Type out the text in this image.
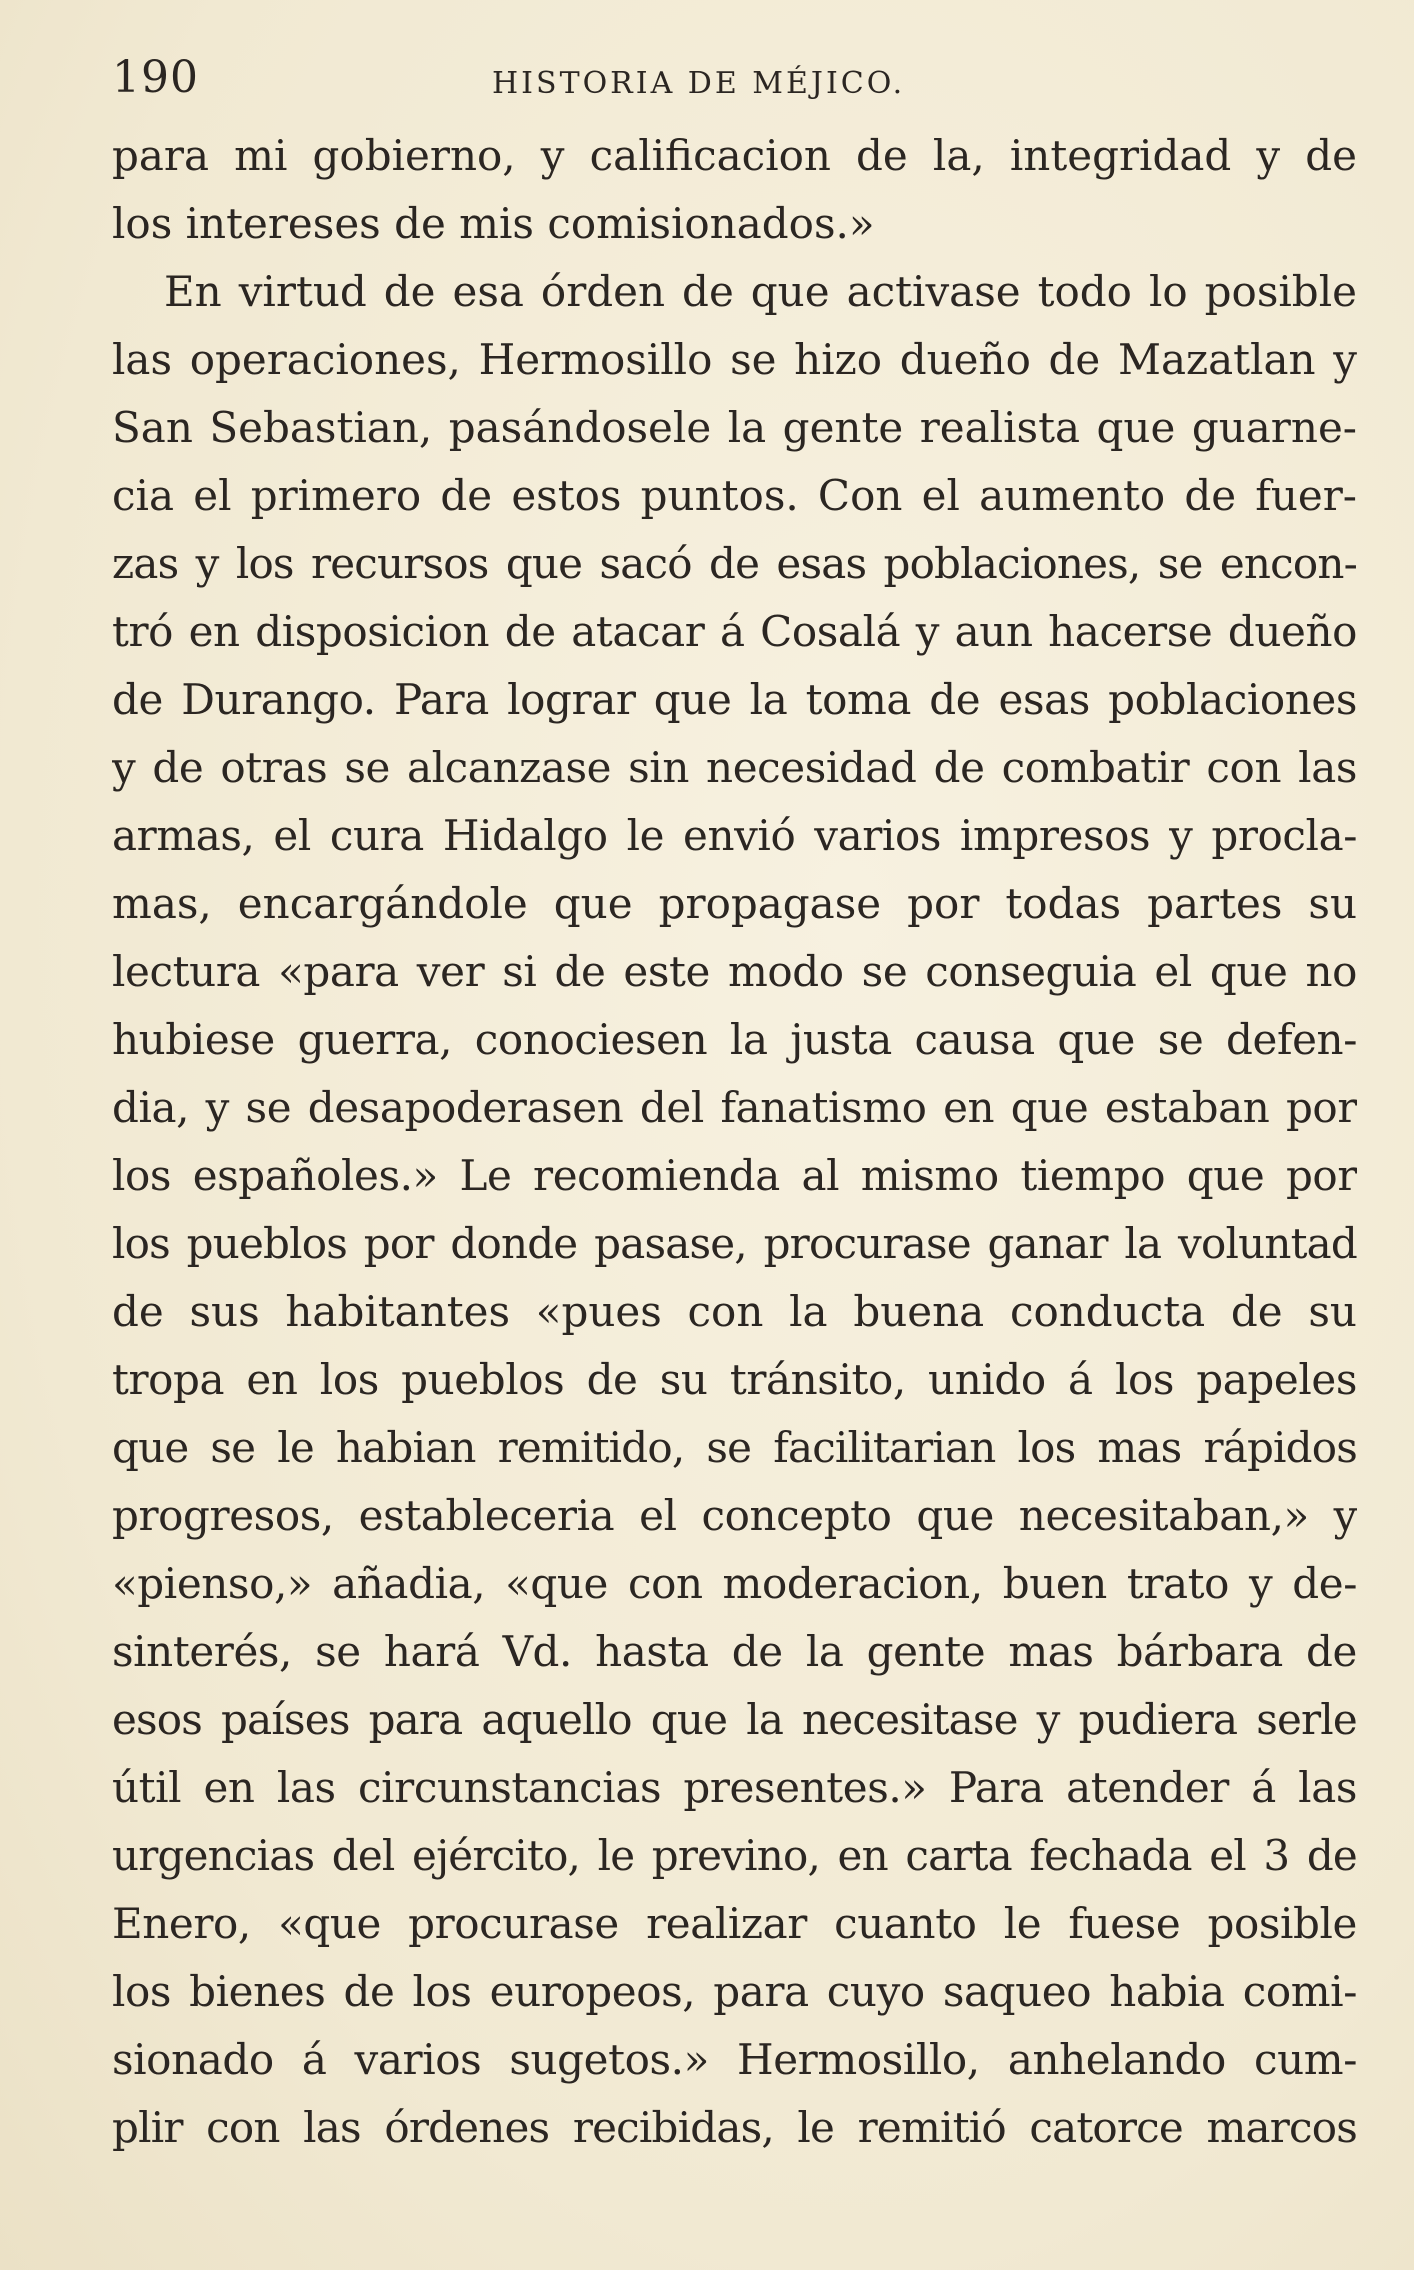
190	HISTORIA DE MÉJICO.
para mi gobierno, y calificacion de la, integridad y de
los intereses de mis comisionados.»
En virtud de esa órden de que activase todo lo posible
las operaciones, Hermosillo se hizo dueño de Mazatlan y
San Sebastian, pasándosele la gente realista que guarne-
cia el primero de estos puntos. Con el aumento de fuer-
zas y los recursos que sacó de esas poblaciones, se encon-
tró en disposicion de atacar á Cosalá y aun hacerse dueño
de Durango. Para lograr que la toma de esas poblaciones
y de otras se alcanzase sin necesidad de combatir con las
armas, el cura Hidalgo le envió varios impresos y procla-
mas, encargándole que propagase por todas partes su
lectura «para ver si de este modo se conseguia el que no
hubiese guerra, conociesen la justa causa que se defen-
dia, y se desapoderasen del fanatismo en que estaban por
los españoles.» Le recomienda al mismo tiempo que por
los pueblos por donde pasase, procurase ganar la voluntad
de sus habitantes «pues con la buena conducta de su
tropa en los pueblos de su tránsito, unido á los papeles
que se le habian remitido, se facilitarian los mas rápidos
progresos, estableceria el concepto que necesitaban,» y
«pienso,» añadia, «que con moderacion, buen trato y de-
sinterés, se hará Vd. hasta de la gente mas bárbara de
esos países para aquello que la necesitase y pudiera serle
útil en las circunstancias presentes.» Para atender á las
urgencias del ejército, le previno, en carta fechada el 3 de
Enero, «que procurase realizar cuanto le fuese posible
los bienes de los europeos, para cuyo saqueo habia comi-
sionado á varios sugetos.» Hermosillo, anhelando cum-
plir con las órdenes recibidas, le remitió catorce marcos
